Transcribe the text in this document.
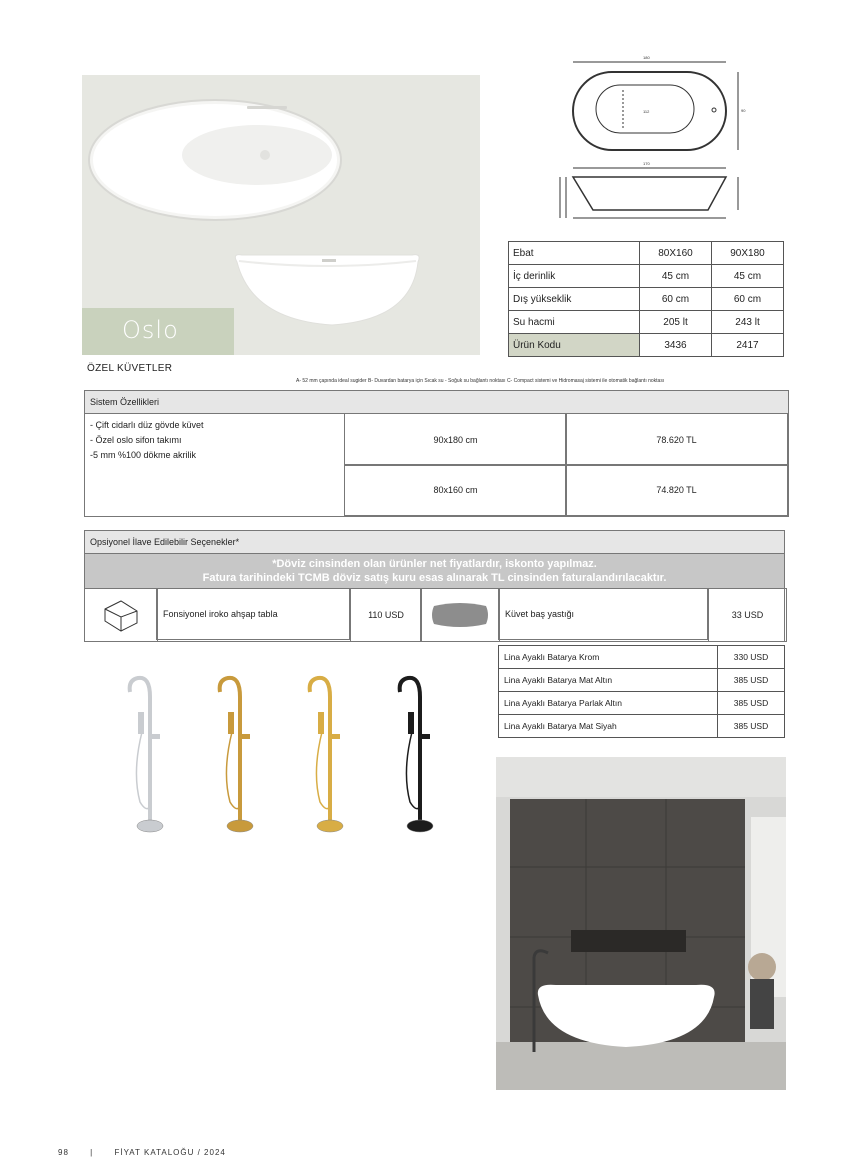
Oslo
180
112
170
90
Ebat	80X160	90X180
İç derinlik	45 cm	45 cm
Dış yükseklik	60 cm	60 cm
Su hacmi	205 lt	243 lt
Ürün Kodu	3436	2417
ÖZEL KÜVETLER
A- 52 mm çapında ideal sugider B- Duvardan batarya için Sıcak su - Soğuk su bağlantı noktası C- Compact sistemi ve Hidromasaj sistemi ile otomatik bağlantı noktası
Sistem Özellikleri
- Çift cidarlı düz gövde küvet
- Özel oslo sifon takımı
-5 mm %100 dökme akrilik
90x180 cm	78.620 TL
80x160 cm	74.820 TL
Opsiyonel İlave Edilebilir Seçenekler*
*Döviz cinsinden olan ürünler net fiyatlardır, iskonto yapılmaz.
Fatura tarihindeki TCMB döviz satış kuru esas alınarak TL cinsinden faturalandırılacaktır.
Fonsiyonel iroko ahşap tabla	110 USD	Küvet baş yastığı	33 USD
Lina Ayaklı Batarya Krom	330 USD
Lina Ayaklı Batarya Mat Altın	385 USD
Lina Ayaklı Batarya Parlak Altın	385 USD
Lina Ayaklı Batarya Mat Siyah	385 USD
98	|	FİYAT KATALOĞU / 2024
